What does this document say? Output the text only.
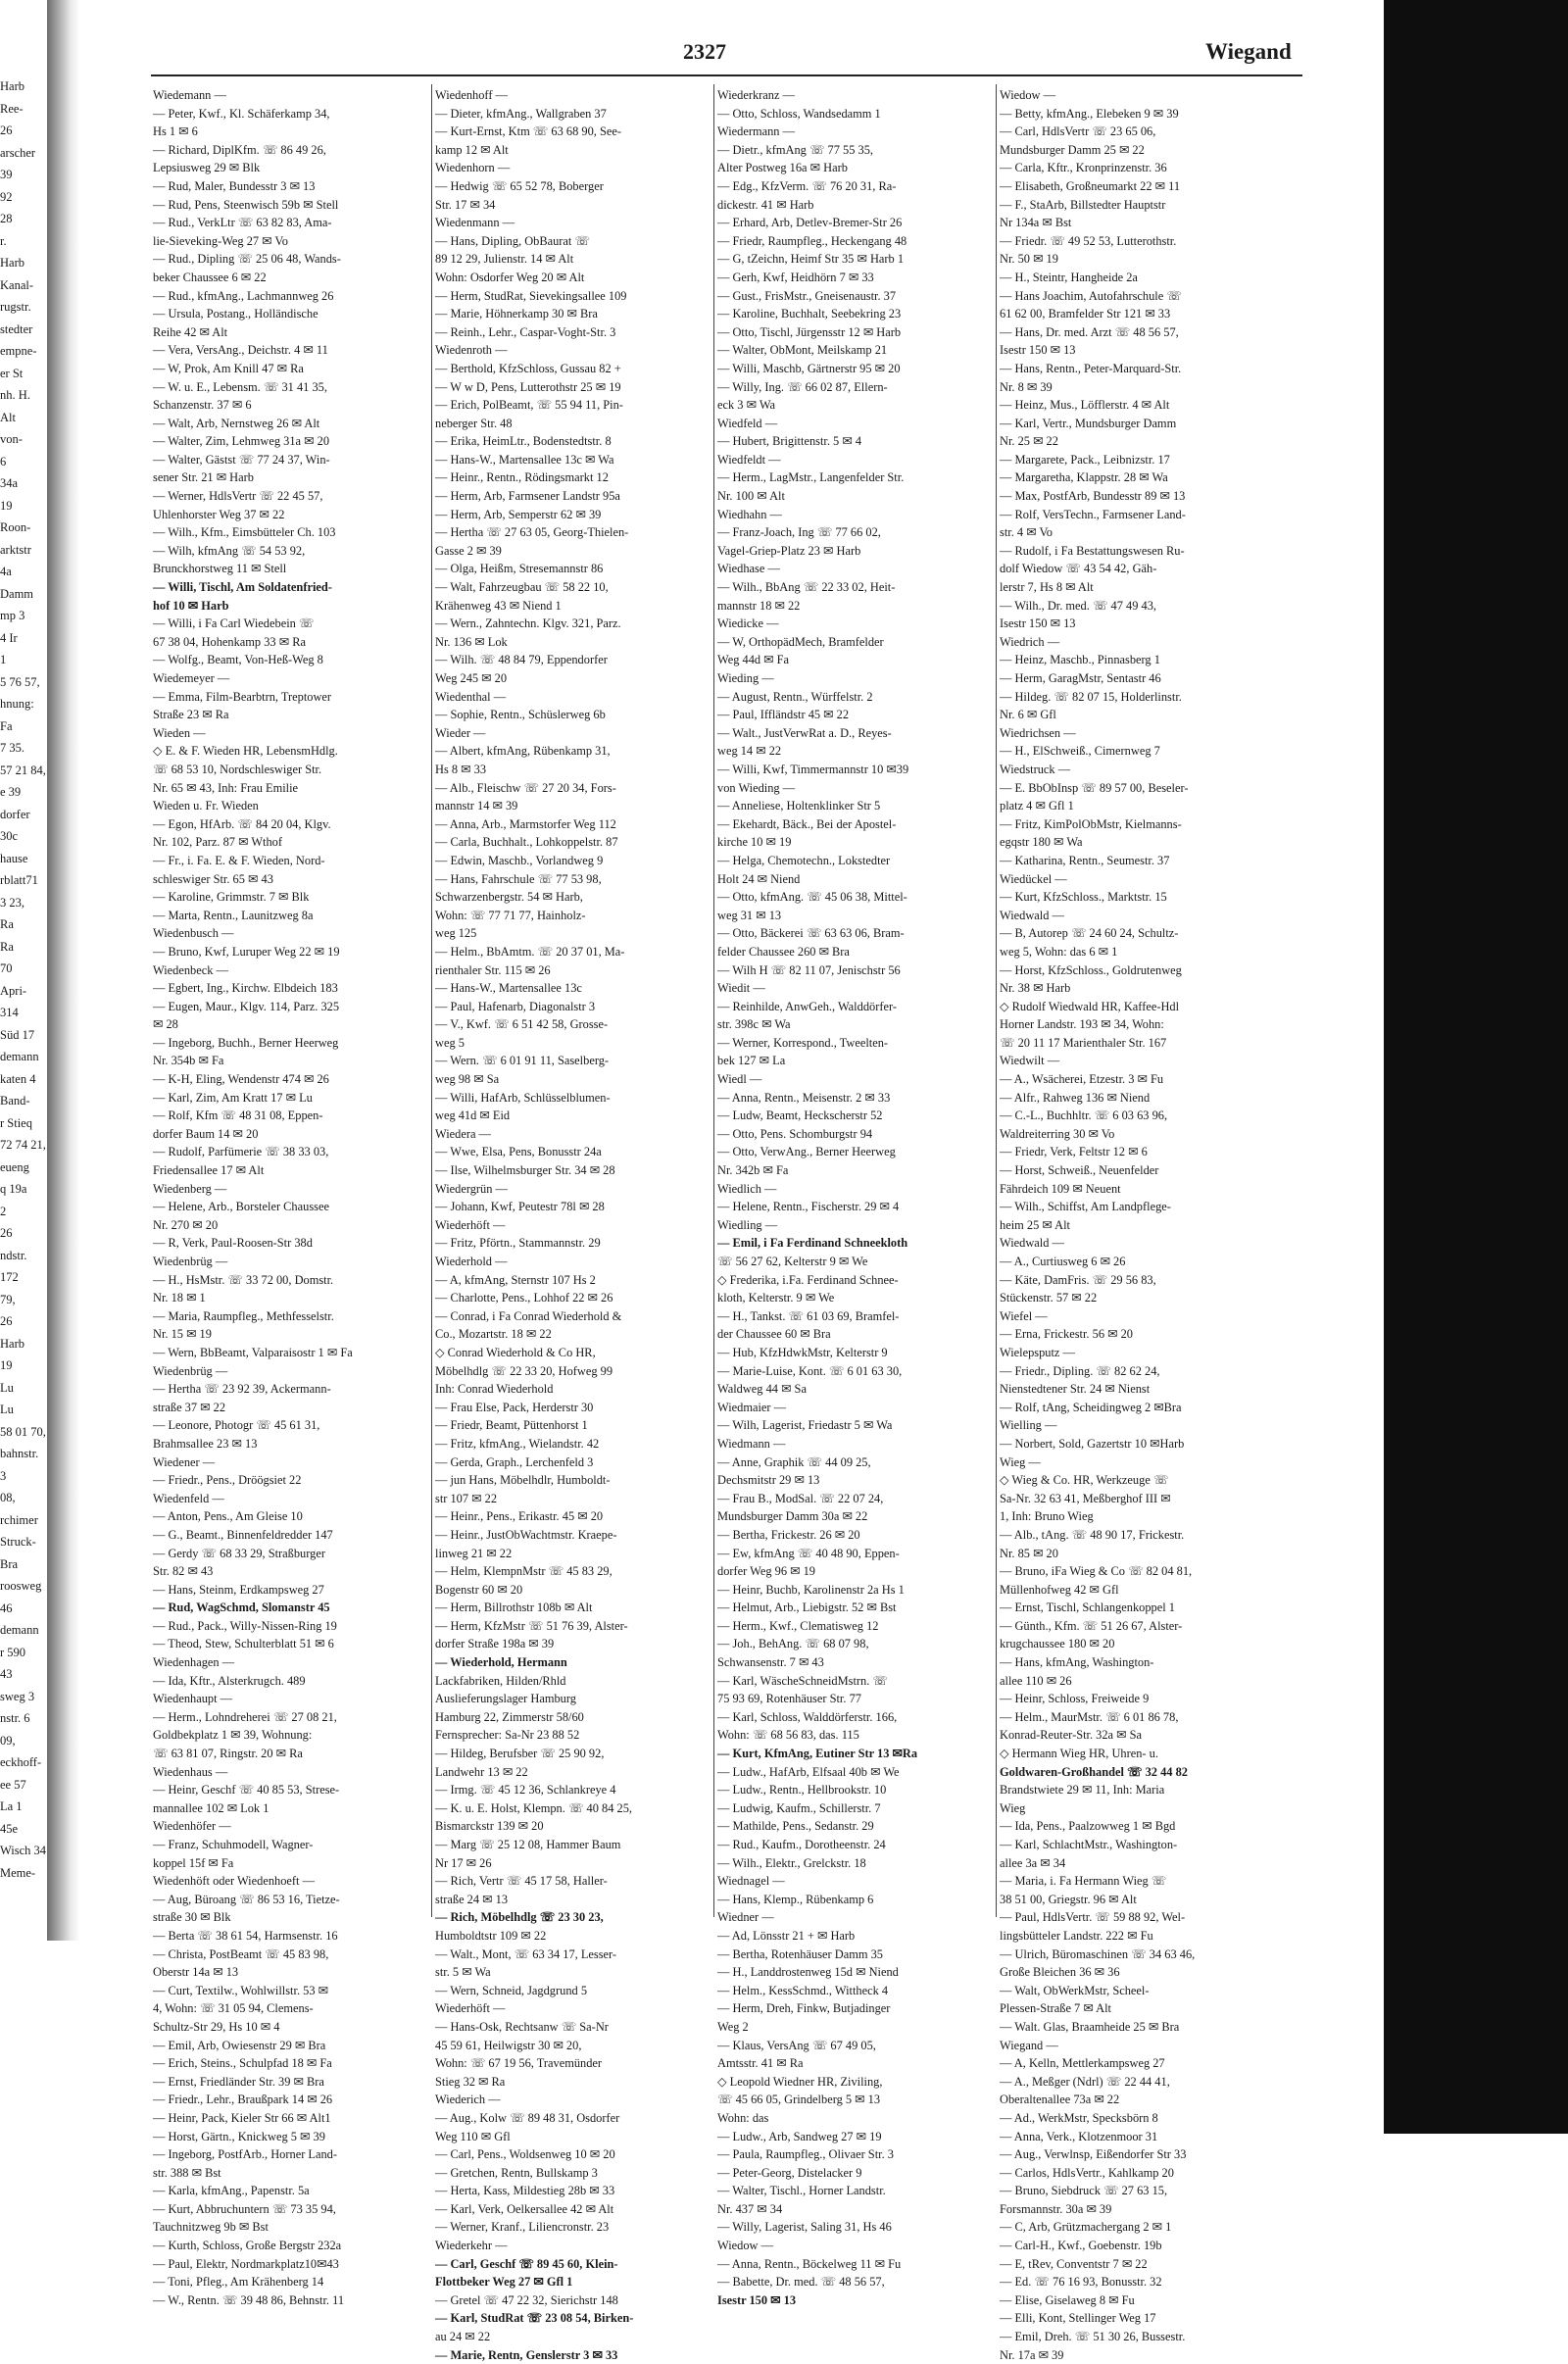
Harb
Ree-
26
arscher
39
92
28
r.
Harb
Kanal-
rugstr.
stedter
empne-
er St
nh. H.
Alt
von-
6
34a
19
Roon-
arktstr
4a
Damm
mp 3
4 Ir
1
5 76 57,
hnung:
Fa
7 35.
57 21 84,
e 39
dorfer
30c
hause
rblatt71
3 23,
Ra
Ra
70
Apri-
314
Süd 17
demann
katen 4
Band-
r Stieq
72 74 21,
eueng
q 19a
2
26
ndstr.
172
79,
26
Harb
19
Lu
Lu
58 01 70,
bahnstr.
3
08,
rchimer
Struck-
Bra
roosweg
46
demann
r 590
43
sweg 3
nstr. 6
09,
eckhoff-
ee 57
La 1
45e
Wisch 34
Meme-
2327	Wiegand
Wiedemann —
— Peter, Kwf., Kl. Schäferkamp 34,
Hs 1 ✉ 6
— Richard, DiplKfm. ☏ 86 49 26,
Lepsiusweg 29 ✉ Blk
— Rud, Maler, Bundesstr 3 ✉ 13
— Rud, Pens, Steenwisch 59b ✉ Stell
— Rud., VerkLtr ☏ 63 82 83, Ama-
lie-Sieveking-Weg 27 ✉ Vo
— Rud., Dipling ☏ 25 06 48, Wands-
beker Chaussee 6 ✉ 22
— Rud., kfmAng., Lachmannweg 26
— Ursula, Postang., Holländische
Reihe 42 ✉ Alt
— Vera, VersAng., Deichstr. 4 ✉ 11
— W, Prok, Am Knill 47 ✉ Ra
— W. u. E., Lebensm. ☏ 31 41 35,
Schanzenstr. 37 ✉ 6
— Walt, Arb, Nernstweg 26 ✉ Alt
— Walter, Zim, Lehmweg 31a ✉ 20
— Walter, Gästst ☏ 77 24 37, Win-
sener Str. 21 ✉ Harb
— Werner, HdlsVertr ☏ 22 45 57,
Uhlenhorster Weg 37 ✉ 22
— Wilh., Kfm., Eimsbütteler Ch. 103
— Wilh, kfmAng ☏ 54 53 92,
Brunckhorstweg 11 ✉ Stell
— Willi, Tischl, Am Soldatenfried-
hof 10 ✉ Harb
— Willi, i Fa Carl Wiedebein ☏
67 38 04, Hohenkamp 33 ✉ Ra
— Wolfg., Beamt, Von-Heß-Weg 8
Wiedemeyer —
— Emma, Film-Bearbtrn, Treptower
Straße 23 ✉ Ra
Wieden —
◇ E. & F. Wieden HR, LebensmHdlg.
☏ 68 53 10, Nordschleswiger Str.
Nr. 65 ✉ 43, Inh: Frau Emilie
Wieden u. Fr. Wieden
— Egon, HfArb. ☏ 84 20 04, Klgv.
Nr. 102, Parz. 87 ✉ Wthof
— Fr., i. Fa. E. & F. Wieden, Nord-
schleswiger Str. 65 ✉ 43
— Karoline, Grimmstr. 7 ✉ Blk
— Marta, Rentn., Launitzweg 8a
Wiedenbusch —
— Bruno, Kwf, Luruper Weg 22 ✉ 19
Wiedenbeck —
— Egbert, Ing., Kirchw. Elbdeich 183
— Eugen, Maur., Klgv. 114, Parz. 325
✉ 28
— Ingeborg, Buchh., Berner Heerweg
Nr. 354b ✉ Fa
— K-H, Eling, Wendenstr 474 ✉ 26
— Karl, Zim, Am Kratt 17 ✉ Lu
— Rolf, Kfm ☏ 48 31 08, Eppen-
dorfer Baum 14 ✉ 20
— Rudolf, Parfümerie ☏ 38 33 03,
Friedensallee 17 ✉ Alt
Wiedenberg —
— Helene, Arb., Borsteler Chaussee
Nr. 270 ✉ 20
— R, Verk, Paul-Roosen-Str 38d
Wiedenbrüg —
— H., HsMstr. ☏ 33 72 00, Domstr.
Nr. 18 ✉ 1
— Maria, Raumpfleg., Methfesselstr.
Nr. 15 ✉ 19
— Wern, BbBeamt, Valparaisostr 1 ✉ Fa
Wiedenbrüg —
— Hertha ☏ 23 92 39, Ackermann-
straße 37 ✉ 22
— Leonore, Photogr ☏ 45 61 31,
Brahmsallee 23 ✉ 13
Wiedener —
— Friedr., Pens., Dröögsiet 22
Wiedenfeld —
— Anton, Pens., Am Gleise 10
— G., Beamt., Binnenfeldredder 147
— Gerdy ☏ 68 33 29, Straßburger
Str. 82 ✉ 43
— Hans, Steinm, Erdkampsweg 27
— Rud, WagSchmd, Slomanstr 45
— Rud., Pack., Willy-Nissen-Ring 19
— Theod, Stew, Schulterblatt 51 ✉ 6
Wiedenhagen —
— Ida, Kftr., Alsterkrugch. 489
Wiedenhaupt —
— Herm., Lohndreherei ☏ 27 08 21,
Goldbekplatz 1 ✉ 39, Wohnung:
☏ 63 81 07, Ringstr. 20 ✉ Ra
Wiedenhaus —
— Heinr, Geschf ☏ 40 85 53, Strese-
mannallee 102 ✉ Lok 1
Wiedenhöfer —
— Franz, Schuhmodell, Wagner-
koppel 15f ✉ Fa
Wiedenhöft oder Wiedenhoeft —
— Aug, Büroang ☏ 86 53 16, Tietze-
straße 30 ✉ Blk
— Berta ☏ 38 61 54, Harmsenstr. 16
— Christa, PostBeamt ☏ 45 83 98,
Oberstr 14a ✉ 13
— Curt, Textilw., Wohlwillstr. 53 ✉
4, Wohn: ☏ 31 05 94, Clemens-
Schultz-Str 29, Hs 10 ✉ 4
— Emil, Arb, Owiesenstr 29 ✉ Bra
— Erich, Steins., Schulpfad 18 ✉ Fa
— Ernst, Friedländer Str. 39 ✉ Bra
— Friedr., Lehr., Braußpark 14 ✉ 26
— Heinr, Pack, Kieler Str 66 ✉ Alt1
— Horst, Gärtn., Knickweg 5 ✉ 39
— Ingeborg, PostfArb., Horner Land-
str. 388 ✉ Bst
— Karla, kfmAng., Papenstr. 5a
— Kurt, Abbruchuntern ☏ 73 35 94,
Tauchnitzweg 9b ✉ Bst
— Kurth, Schloss, Große Bergstr 232a
— Paul, Elektr, Nordmarkplatz10✉43
— Toni, Pfleg., Am Krähenberg 14
— W., Rentn. ☏ 39 48 86, Behnstr. 11
Wiedenhoff —
— Dieter, kfmAng., Wallgraben 37
— Kurt-Ernst, Ktm ☏ 63 68 90, See-
kamp 12 ✉ Alt
Wiedenhorn —
— Hedwig ☏ 65 52 78, Boberger
Str. 17 ✉ 34
Wiedenmann —
— Hans, Dipling, ObBaurat ☏
89 12 29, Julienstr. 14 ✉ Alt
Wohn: Osdorfer Weg 20 ✉ Alt
— Herm, StudRat, Sievekingsallee 109
— Marie, Höhnerkamp 30 ✉ Bra
— Reinh., Lehr., Caspar-Voght-Str. 3
Wiedenroth —
— Berthold, KfzSchloss, Gussau 82 +
— W w D, Pens, Lutterothstr 25 ✉ 19
— Erich, PolBeamt, ☏ 55 94 11, Pin-
neberger Str. 48
— Erika, HeimLtr., Bodenstedtstr. 8
— Hans-W., Martensallee 13c ✉ Wa
— Heinr., Rentn., Rödingsmarkt 12
— Herm, Arb, Farmsener Landstr 95a
— Herm, Arb, Semperstr 62 ✉ 39
— Hertha ☏ 27 63 05, Georg-Thielen-
Gasse 2 ✉ 39
— Olga, Heißm, Stresemannstr 86
— Walt, Fahrzeugbau ☏ 58 22 10,
Krähenweg 43 ✉ Niend 1
— Wern., Zahntechn. Klgv. 321, Parz.
Nr. 136 ✉ Lok
— Wilh. ☏ 48 84 79, Eppendorfer
Weg 245 ✉ 20
Wiedenthal —
— Sophie, Rentn., Schüslerweg 6b
Wieder —
— Albert, kfmAng, Rübenkamp 31,
Hs 8 ✉ 33
— Alb., Fleischw ☏ 27 20 34, Fors-
mannstr 14 ✉ 39
— Anna, Arb., Marmstorfer Weg 112
— Carla, Buchhalt., Lohkoppelstr. 87
— Edwin, Maschb., Vorlandweg 9
— Hans, Fahrschule ☏ 77 53 98,
Schwarzenbergstr. 54 ✉ Harb,
Wohn: ☏ 77 71 77, Hainholz-
weg 125
— Helm., BbAmtm. ☏ 20 37 01, Ma-
rienthaler Str. 115 ✉ 26
— Hans-W., Martensallee 13c
— Paul, Hafenarb, Diagonalstr 3
— V., Kwf. ☏ 6 51 42 58, Grosse-
weg 5
— Wern. ☏ 6 01 91 11, Saselberg-
weg 98 ✉ Sa
— Willi, HafArb, Schlüsselblumen-
weg 41d ✉ Eid
Wiedera —
— Wwe, Elsa, Pens, Bonusstr 24a
— Ilse, Wilhelmsburger Str. 34 ✉ 28
Wiedergrün —
— Johann, Kwf, Peutestr 78l ✉ 28
Wiederhöft —
— Fritz, Pförtn., Stammannstr. 29
Wiederhold —
— A, kfmAng, Sternstr 107 Hs 2
— Charlotte, Pens., Lohhof 22 ✉ 26
— Conrad, i Fa Conrad Wiederhold &
Co., Mozartstr. 18 ✉ 22
◇ Conrad Wiederhold & Co HR,
Möbelhdlg ☏ 22 33 20, Hofweg 99
Inh: Conrad Wiederhold
— Frau Else, Pack, Herderstr 30
— Friedr, Beamt, Püttenhorst 1
— Fritz, kfmAng., Wielandstr. 42
— Gerda, Graph., Lerchenfeld 3
— jun Hans, Möbelhdlr, Humboldt-
str 107 ✉ 22
— Heinr., Pens., Erikastr. 45 ✉ 20
— Heinr., JustObWachtmstr. Kraepe-
linweg 21 ✉ 22
— Helm, KlempnMstr ☏ 45 83 29,
Bogenstr 60 ✉ 20
— Herm, Billrothstr 108b ✉ Alt
— Herm, KfzMstr ☏ 51 76 39, Alster-
dorfer Straße 198a ✉ 39
— Wiederhold, Hermann
Lackfabriken, Hilden/Rhld
Auslieferungslager Hamburg
Hamburg 22, Zimmerstr 58/60
Fernsprecher: Sa-Nr 23 88 52
— Hildeg, Berufsber ☏ 25 90 92,
Landwehr 13 ✉ 22
— Irmg. ☏ 45 12 36, Schlankreye 4
— K. u. E. Holst, Klempn. ☏ 40 84 25,
Bismarckstr 139 ✉ 20
— Marg ☏ 25 12 08, Hammer Baum
Nr 17 ✉ 26
— Rich, Vertr ☏ 45 17 58, Haller-
straße 24 ✉ 13
— Rich, Möbelhdlg ☏ 23 30 23,
Humboldtstr 109 ✉ 22
— Walt., Mont, ☏ 63 34 17, Lesser-
str. 5 ✉ Wa
— Wern, Schneid, Jagdgrund 5
Wiederhöft —
— Hans-Osk, Rechtsanw ☏ Sa-Nr
45 59 61, Heilwigstr 30 ✉ 20,
Wohn: ☏ 67 19 56, Travemünder
Stieg 32 ✉ Ra
Wiederich —
— Aug., Kolw ☏ 89 48 31, Osdorfer
Weg 110 ✉ Gfl
— Carl, Pens., Woldsenweg 10 ✉ 20
— Gretchen, Rentn, Bullskamp 3
— Herta, Kass, Mildestieg 28b ✉ 33
— Karl, Verk, Oelkersallee 42 ✉ Alt
— Werner, Kranf., Liliencronstr. 23
Wiederkehr —
— Carl, Geschf ☏ 89 45 60, Klein-
Flottbeker Weg 27 ✉ Gfl 1
— Gretel ☏ 47 22 32, Sierichstr 148
— Karl, StudRat ☏ 23 08 54, Birken-
au 24 ✉ 22
— Marie, Rentn, Genslerstr 3 ✉ 33
Wiederkranz —
— Otto, Schloss, Wandsedamm 1
Wiedermann —
— Dietr., kfmAng ☏ 77 55 35,
Alter Postweg 16a ✉ Harb
— Edg., KfzVerm. ☏ 76 20 31, Ra-
dickestr. 41 ✉ Harb
— Erhard, Arb, Detlev-Bremer-Str 26
— Friedr, Raumpfleg., Heckengang 48
— G, tZeichn, Heimf Str 35 ✉ Harb 1
— Gerh, Kwf, Heidhörn 7 ✉ 33
— Gust., FrisMstr., Gneisenaustr. 37
— Karoline, Buchhalt, Seebekring 23
— Otto, Tischl, Jürgensstr 12 ✉ Harb
— Walter, ObMont, Meilskamp 21
— Willi, Maschb, Gärtnerstr 95 ✉ 20
— Willy, Ing. ☏ 66 02 87, Ellern-
eck 3 ✉ Wa
Wiedfeld —
— Hubert, Brigittenstr. 5 ✉ 4
Wiedfeldt —
— Herm., LagMstr., Langenfelder Str.
Nr. 100 ✉ Alt
Wiedhahn —
— Franz-Joach, Ing ☏ 77 66 02,
Vagel-Griep-Platz 23 ✉ Harb
Wiedhase —
— Wilh., BbAng ☏ 22 33 02, Heit-
mannstr 18 ✉ 22
Wiedicke —
— W, OrthopädMech, Bramfelder
Weg 44d ✉ Fa
Wieding —
— August, Rentn., Würffelstr. 2
— Paul, Iffländstr 45 ✉ 22
— Walt., JustVerwRat a. D., Reyes-
weg 14 ✉ 22
— Willi, Kwf, Timmermannstr 10 ✉39
von Wieding —
— Anneliese, Holtenklinker Str 5
— Ekehardt, Bäck., Bei der Apostel-
kirche 10 ✉ 19
— Helga, Chemotechn., Lokstedter
Holt 24 ✉ Niend
— Otto, kfmAng. ☏ 45 06 38, Mittel-
weg 31 ✉ 13
— Otto, Bäckerei ☏ 63 63 06, Bram-
felder Chaussee 260 ✉ Bra
— Wilh H ☏ 82 11 07, Jenischstr 56
Wiedit —
— Reinhilde, AnwGeh., Walddörfer-
str. 398c ✉ Wa
— Werner, Korrespond., Tweelten-
bek 127 ✉ La
Wiedl —
— Anna, Rentn., Meisenstr. 2 ✉ 33
— Ludw, Beamt, Heckscherstr 52
— Otto, Pens. Schomburgstr 94
— Otto, VerwAng., Berner Heerweg
Nr. 342b ✉ Fa
Wiedlich —
— Helene, Rentn., Fischerstr. 29 ✉ 4
Wiedling —
— Emil, i Fa Ferdinand Schneekloth
☏ 56 27 62, Kelterstr 9 ✉ We
◇ Frederika, i.Fa. Ferdinand Schnee-
kloth, Kelterstr. 9 ✉ We
— H., Tankst. ☏ 61 03 69, Bramfel-
der Chaussee 60 ✉ Bra
— Hub, KfzHdwkMstr, Kelterstr 9
— Marie-Luise, Kont. ☏ 6 01 63 30,
Waldweg 44 ✉ Sa
Wiedmaier —
— Wilh, Lagerist, Friedastr 5 ✉ Wa
Wiedmann —
— Anne, Graphik ☏ 44 09 25,
Dechsmitstr 29 ✉ 13
— Frau B., ModSal. ☏ 22 07 24,
Mundsburger Damm 30a ✉ 22
— Bertha, Frickestr. 26 ✉ 20
— Ew, kfmAng ☏ 40 48 90, Eppen-
dorfer Weg 96 ✉ 19
— Heinr, Buchb, Karolinenstr 2a Hs 1
— Helmut, Arb., Liebigstr. 52 ✉ Bst
— Herm., Kwf., Clematisweg 12
— Joh., BehAng. ☏ 68 07 98,
Schwansenstr. 7 ✉ 43
— Karl, WäscheSchneidMstrn. ☏
75 93 69, Rotenhäuser Str. 77
— Karl, Schloss, Walddörferstr. 166,
Wohn: ☏ 68 56 83, das. 115
— Kurt, KfmAng, Eutiner Str 13 ✉Ra
— Ludw., HafArb, Elfsaal 40b ✉ We
— Ludw., Rentn., Hellbrookstr. 10
— Ludwig, Kaufm., Schillerstr. 7
— Mathilde, Pens., Sedanstr. 29
— Rud., Kaufm., Dorotheenstr. 24
— Wilh., Elektr., Grelckstr. 18
Wiednagel —
— Hans, Klemp., Rübenkamp 6
Wiedner —
— Ad, Lönsstr 21 + ✉ Harb
— Bertha, Rotenhäuser Damm 35
— H., Landdrostenweg 15d ✉ Niend
— Helm., KessSchmd., Wittheck 4
— Herm, Dreh, Finkw, Butjadinger
Weg 2
— Klaus, VersAng ☏ 67 49 05,
Amtsstr. 41 ✉ Ra
◇ Leopold Wiedner HR, Ziviling,
☏ 45 66 05, Grindelberg 5 ✉ 13
Wohn: das
— Ludw., Arb, Sandweg 27 ✉ 19
— Paula, Raumpfleg., Olivaer Str. 3
— Peter-Georg, Distelacker 9
— Walter, Tischl., Horner Landstr.
Nr. 437 ✉ 34
— Willy, Lagerist, Saling 31, Hs 46
Wiedow —
— Anna, Rentn., Böckelweg 11 ✉ Fu
— Babette, Dr. med. ☏ 48 56 57,
Isestr 150 ✉ 13
Wiedow —
— Betty, kfmAng., Elebeken 9 ✉ 39
— Carl, HdlsVertr ☏ 23 65 06,
Mundsburger Damm 25 ✉ 22
— Carla, Kftr., Kronprinzenstr. 36
— Elisabeth, Großneumarkt 22 ✉ 11
— F., StaArb, Billstedter Hauptstr
Nr 134a ✉ Bst
— Friedr. ☏ 49 52 53, Lutterothstr.
Nr. 50 ✉ 19
— H., Steintr, Hangheide 2a
— Hans Joachim, Autofahrschule ☏
61 62 00, Bramfelder Str 121 ✉ 33
— Hans, Dr. med. Arzt ☏ 48 56 57,
Isestr 150 ✉ 13
— Hans, Rentn., Peter-Marquard-Str.
Nr. 8 ✉ 39
— Heinz, Mus., Löfflerstr. 4 ✉ Alt
— Karl, Vertr., Mundsburger Damm
Nr. 25 ✉ 22
— Margarete, Pack., Leibnizstr. 17
— Margaretha, Klappstr. 28 ✉ Wa
— Max, PostfArb, Bundesstr 89 ✉ 13
— Rolf, VersTechn., Farmsener Land-
str. 4 ✉ Vo
— Rudolf, i Fa Bestattungswesen Ru-
dolf Wiedow ☏ 43 54 42, Gäh-
lerstr 7, Hs 8 ✉ Alt
— Wilh., Dr. med. ☏ 47 49 43,
Isestr 150 ✉ 13
Wiedrich —
— Heinz, Maschb., Pinnasberg 1
— Herm, GaragMstr, Sentastr 46
— Hildeg. ☏ 82 07 15, Holderlinstr.
Nr. 6 ✉ Gfl
Wiedrichsen —
— H., ElSchweiß., Cimernweg 7
Wiedstruck —
— E. BbObInsp ☏ 89 57 00, Beseler-
platz 4 ✉ Gfl 1
— Fritz, KimPolObMstr, Kielmanns-
egqstr 180 ✉ Wa
— Katharina, Rentn., Seumestr. 37
Wiedückel —
— Kurt, KfzSchloss., Marktstr. 15
Wiedwald —
— B, Autorep ☏ 24 60 24, Schultz-
weg 5, Wohn: das 6 ✉ 1
— Horst, KfzSchloss., Goldrutenweg
Nr. 38 ✉ Harb
◇ Rudolf Wiedwald HR, Kaffee-Hdl
Horner Landstr. 193 ✉ 34, Wohn:
☏ 20 11 17 Marienthaler Str. 167
Wiedwilt —
— A., Wsächerei, Etzestr. 3 ✉ Fu
— Alfr., Rahweg 136 ✉ Niend
— C.-L., Buchhltr. ☏ 6 03 63 96,
Waldreiterring 30 ✉ Vo
— Friedr, Verk, Feltstr 12 ✉ 6
— Horst, Schweiß., Neuenfelder
Fährdeich 109 ✉ Neuent
— Wilh., Schiffst, Am Landpflege-
heim 25 ✉ Alt
Wiedwald —
— A., Curtiusweg 6 ✉ 26
— Käte, DamFris. ☏ 29 56 83,
Stückenstr. 57 ✉ 22
Wiefel —
— Erna, Frickestr. 56 ✉ 20
Wielepsputz —
— Friedr., Dipling. ☏ 82 62 24,
Nienstedtener Str. 24 ✉ Nienst
— Rolf, tAng, Scheidingweg 2 ✉Bra
Wielling —
— Norbert, Sold, Gazertstr 10 ✉Harb
Wieg —
◇ Wieg & Co. HR, Werkzeuge ☏
Sa-Nr. 32 63 41, Meßberghof III ✉
1, Inh: Bruno Wieg
— Alb., tAng. ☏ 48 90 17, Frickestr.
Nr. 85 ✉ 20
— Bruno, iFa Wieg & Co ☏ 82 04 81,
Müllenhofweg 42 ✉ Gfl
— Ernst, Tischl, Schlangenkoppel 1
— Günth., Kfm. ☏ 51 26 67, Alster-
krugchaussee 180 ✉ 20
— Hans, kfmAng, Washington-
allee 110 ✉ 26
— Heinr, Schloss, Freiweide 9
— Helm., MaurMstr. ☏ 6 01 86 78,
Konrad-Reuter-Str. 32a ✉ Sa
◇ Hermann Wieg HR, Uhren- u.
Goldwaren-Großhandel ☏ 32 44 82
Brandstwiete 29 ✉ 11, Inh: Maria
Wieg
— Ida, Pens., Paalzowweg 1 ✉ Bgd
— Karl, SchlachtMstr., Washington-
allee 3a ✉ 34
— Maria, i. Fa Hermann Wieg ☏
38 51 00, Griegstr. 96 ✉ Alt
— Paul, HdlsVertr. ☏ 59 88 92, Wel-
lingsbütteler Landstr. 222 ✉ Fu
— Ulrich, Büromaschinen ☏ 34 63 46,
Große Bleichen 36 ✉ 36
— Walt, ObWerkMstr, Scheel-
Plessen-Straße 7 ✉ Alt
— Walt. Glas, Braamheide 25 ✉ Bra
Wiegand —
— A, Kelln, Mettlerkampsweg 27
— A., Meßger (Ndrl) ☏ 22 44 41,
Oberaltenallee 73a ✉ 22
— Ad., WerkMstr, Specksbörn 8
— Anna, Verk., Klotzenmoor 31
— Aug., Verwlnsp, Eißendorfer Str 33
— Carlos, HdlsVertr., Kahlkamp 20
— Bruno, Siebdruck ☏ 27 63 15,
Forsmannstr. 30a ✉ 39
— C, Arb, Grützmachergang 2 ✉ 1
— Carl-H., Kwf., Goebenstr. 19b
— E, tRev, Conventstr 7 ✉ 22
— Ed. ☏ 76 16 93, Bonusstr. 32
— Elise, Giselaweg 8 ✉ Fu
— Elli, Kont, Stellinger Weg 17
— Emil, Dreh. ☏ 51 30 26, Bussestr.
Nr. 17a ✉ 39
